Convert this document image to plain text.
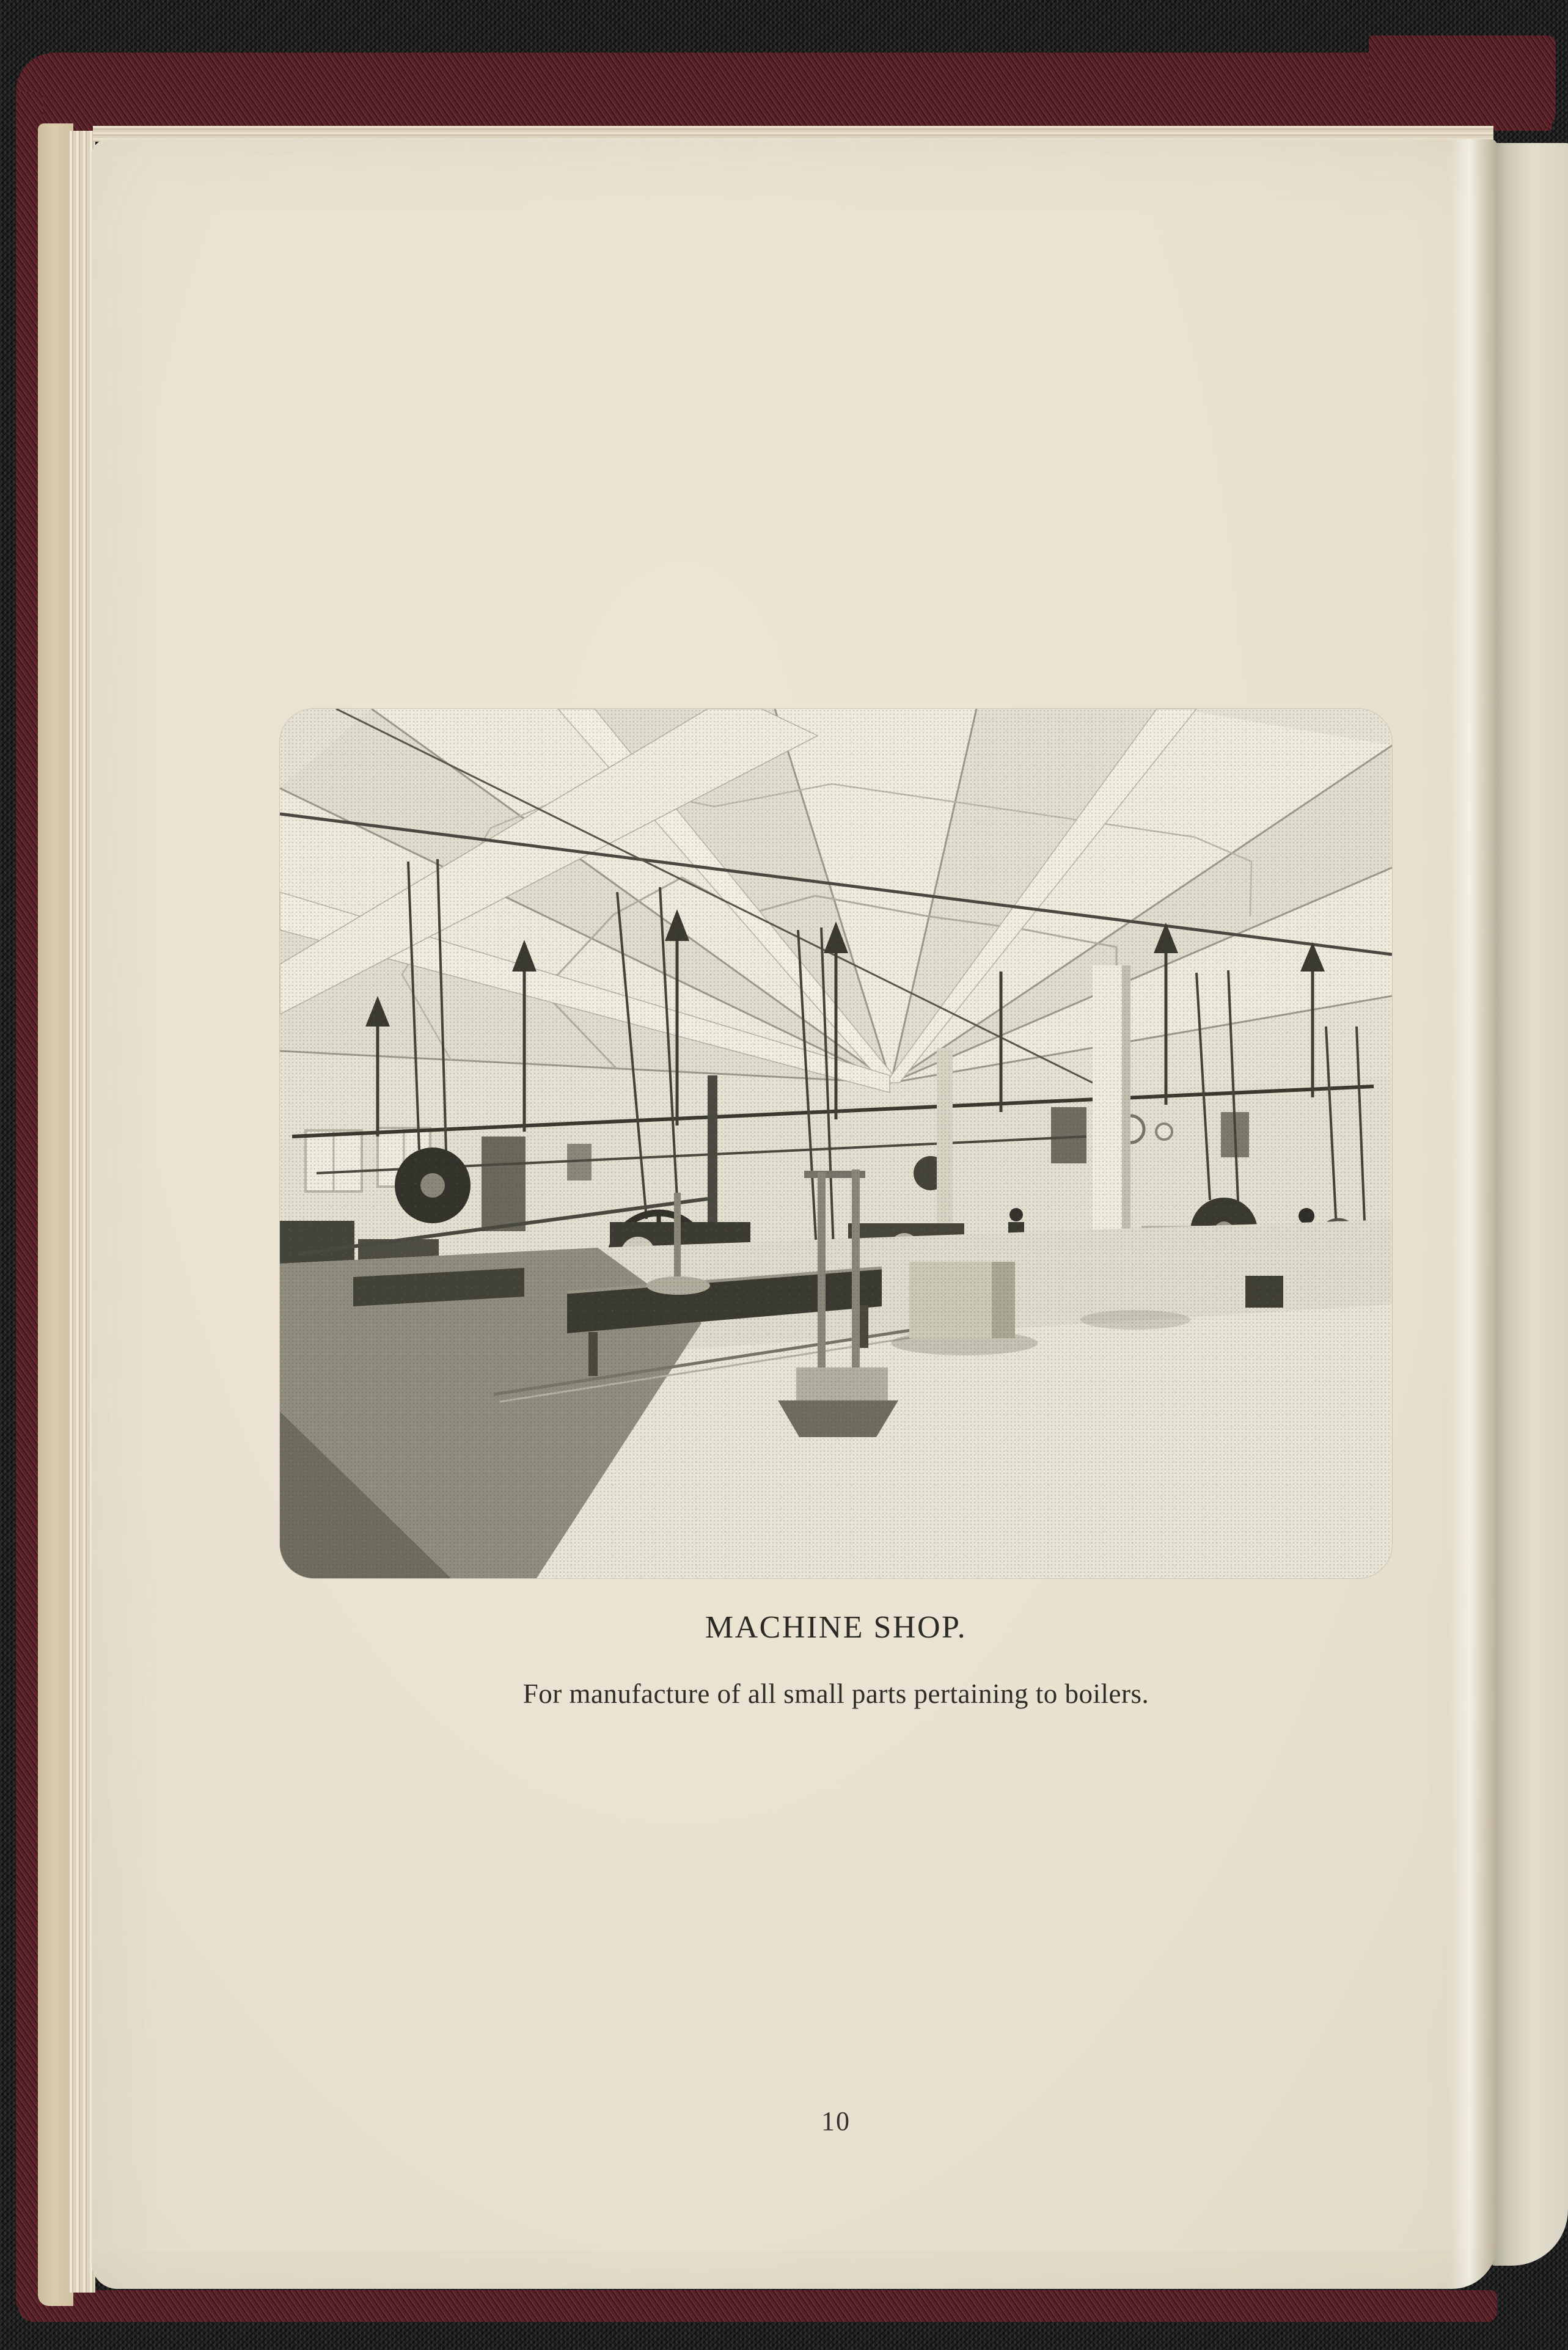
MACHINE SHOP.
For manufacture of all small parts pertaining to boilers.
10
